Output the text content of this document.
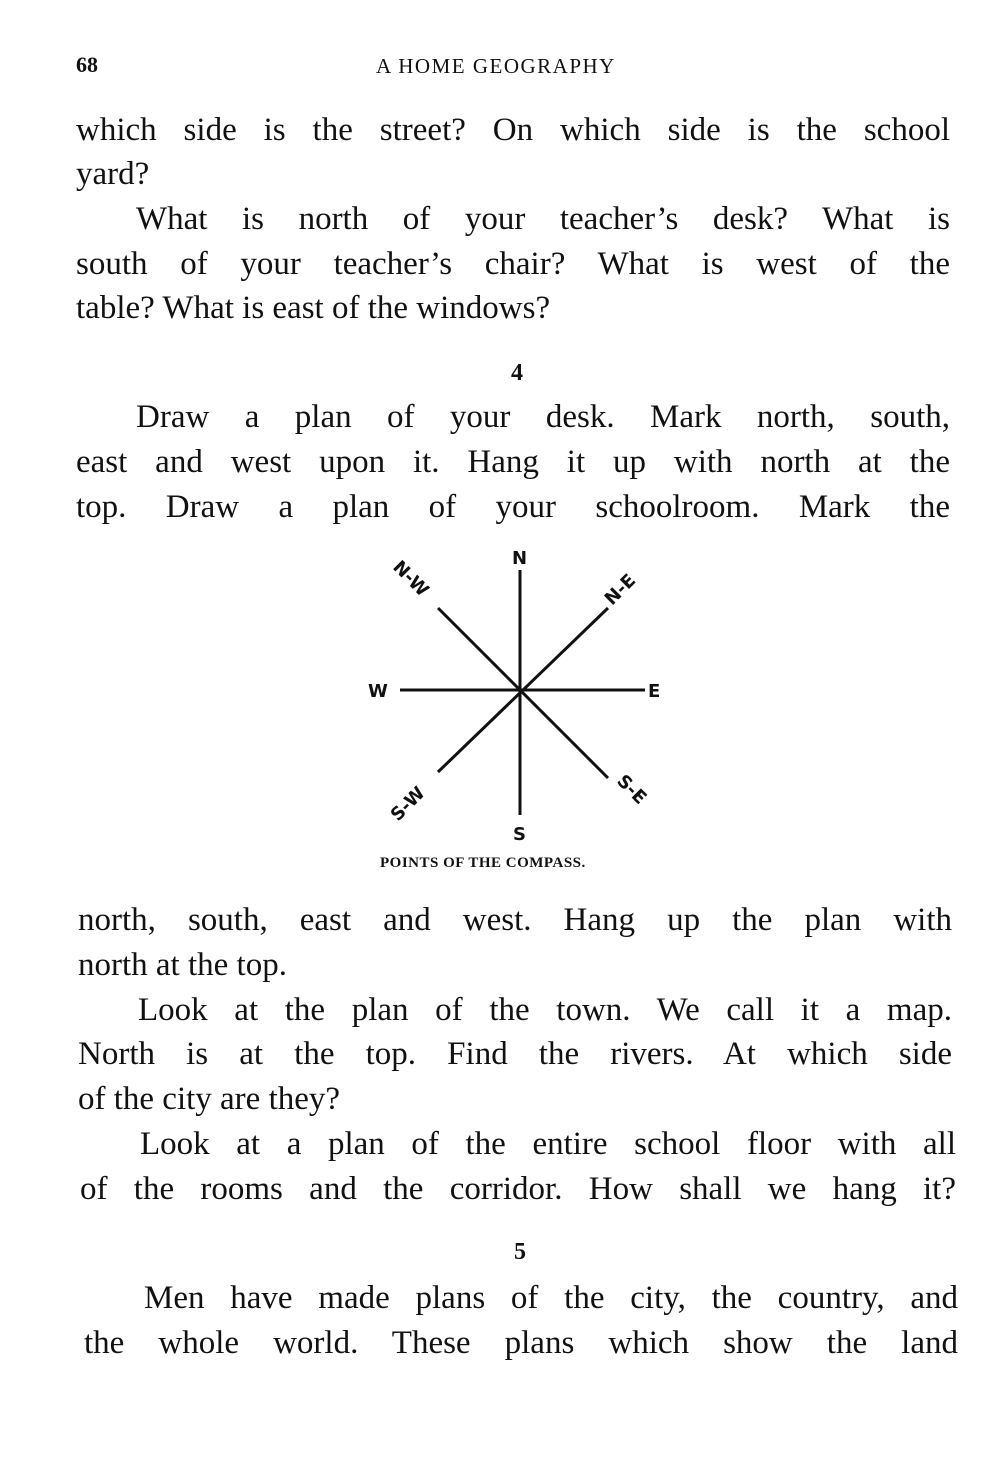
68	A HOME GEOGRAPHY
which side is the street? On which side is the school
yard?
What is north of your teacher’s desk? What is
south of your teacher’s chair? What is west of the
table? What is east of the windows?
4
Draw a plan of your desk. Mark north, south,
east and west upon it. Hang it up with north at the
top. Draw a plan of your schoolroom. Mark the
N
S
W	E
N-W	N-E
S-E
S-W
POINTS OF THE COMPASS.
north, south, east and west. Hang up the plan with
north at the top.
Look at the plan of the town. We call it a map.
North is at the top. Find the rivers. At which side
of the city are they?
Look at a plan of the entire school floor with all
of the rooms and the corridor. How shall we hang it?
5
Men have made plans of the city, the country, and
the whole world. These plans which show the land
